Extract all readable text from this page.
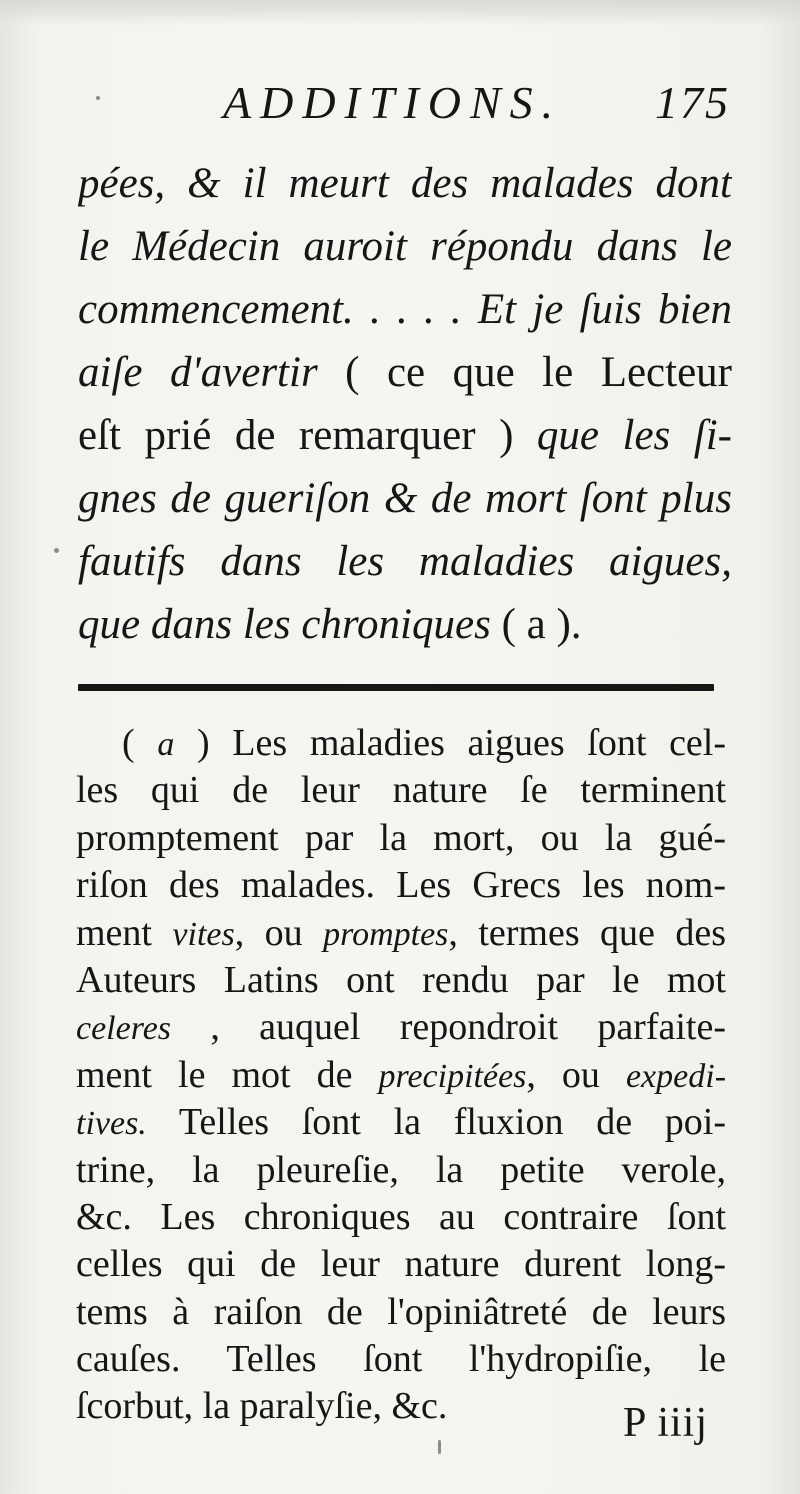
ADDITIONS. 175
pées, & il meurt des malades dont
le Médecin auroit répondu dans le
commencement. . . . . Et je ſuis bien
aiſe d'avertir ( ce que le Lecteur
eſt prié de remarquer ) que les ſi-
gnes de gueriſon & de mort ſont plus
fautifs dans les maladies aigues,
que dans les chroniques ( a ).
( a ) Les maladies aigues ſont cel-
les qui de leur nature ſe terminent
promptement par la mort, ou la gué-
riſon des malades. Les Grecs les nom-
ment vites, ou promptes, termes que des
Auteurs Latins ont rendu par le mot
celeres , auquel repondroit parfaite-
ment le mot de precipitées, ou expedi-
tives. Telles ſont la fluxion de poi-
trine, la pleureſie, la petite verole,
&c. Les chroniques au contraire ſont
celles qui de leur nature durent long-
tems à raiſon de l'opiniâtreté de leurs
cauſes. Telles ſont l'hydropiſie, le
ſcorbut, la paralyſie, &c.	P iiij
